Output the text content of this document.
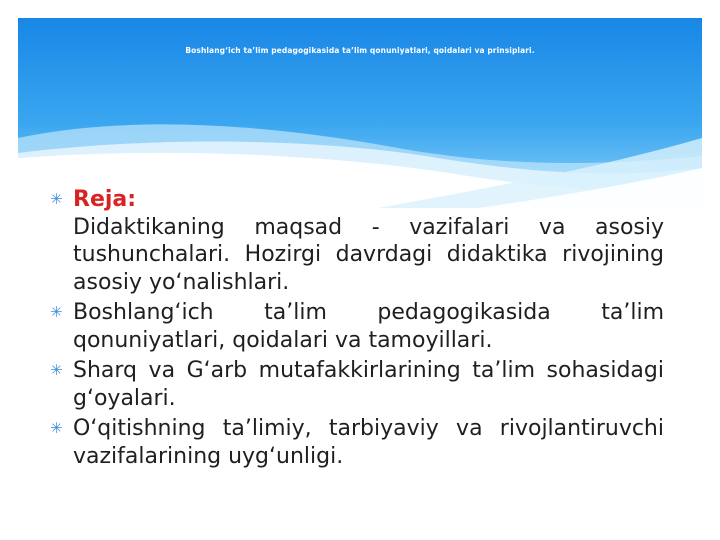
Boshlang‘ich ta’lim pedagogikasida ta’lim qonuniyatlari, qoidalari va prinsiplari.
✳ Reja:
Didaktikaning maqsad - vazifalari va asosiy tushunchalari. Hozirgi davrdagi didaktika rivojining asosiy yo‘nalishlari.
✳ Boshlang‘ich ta’lim pedagogikasida ta’lim qonuniyatlari, qoidalari va tamoyillari.
✳ Sharq va G‘arb mutafakkirlarining ta’lim sohasidagi g‘oyalari.
✳ O‘qitishning ta’limiy, tarbiyaviy va rivojlantiruvchi vazifalarining uyg‘unligi.
